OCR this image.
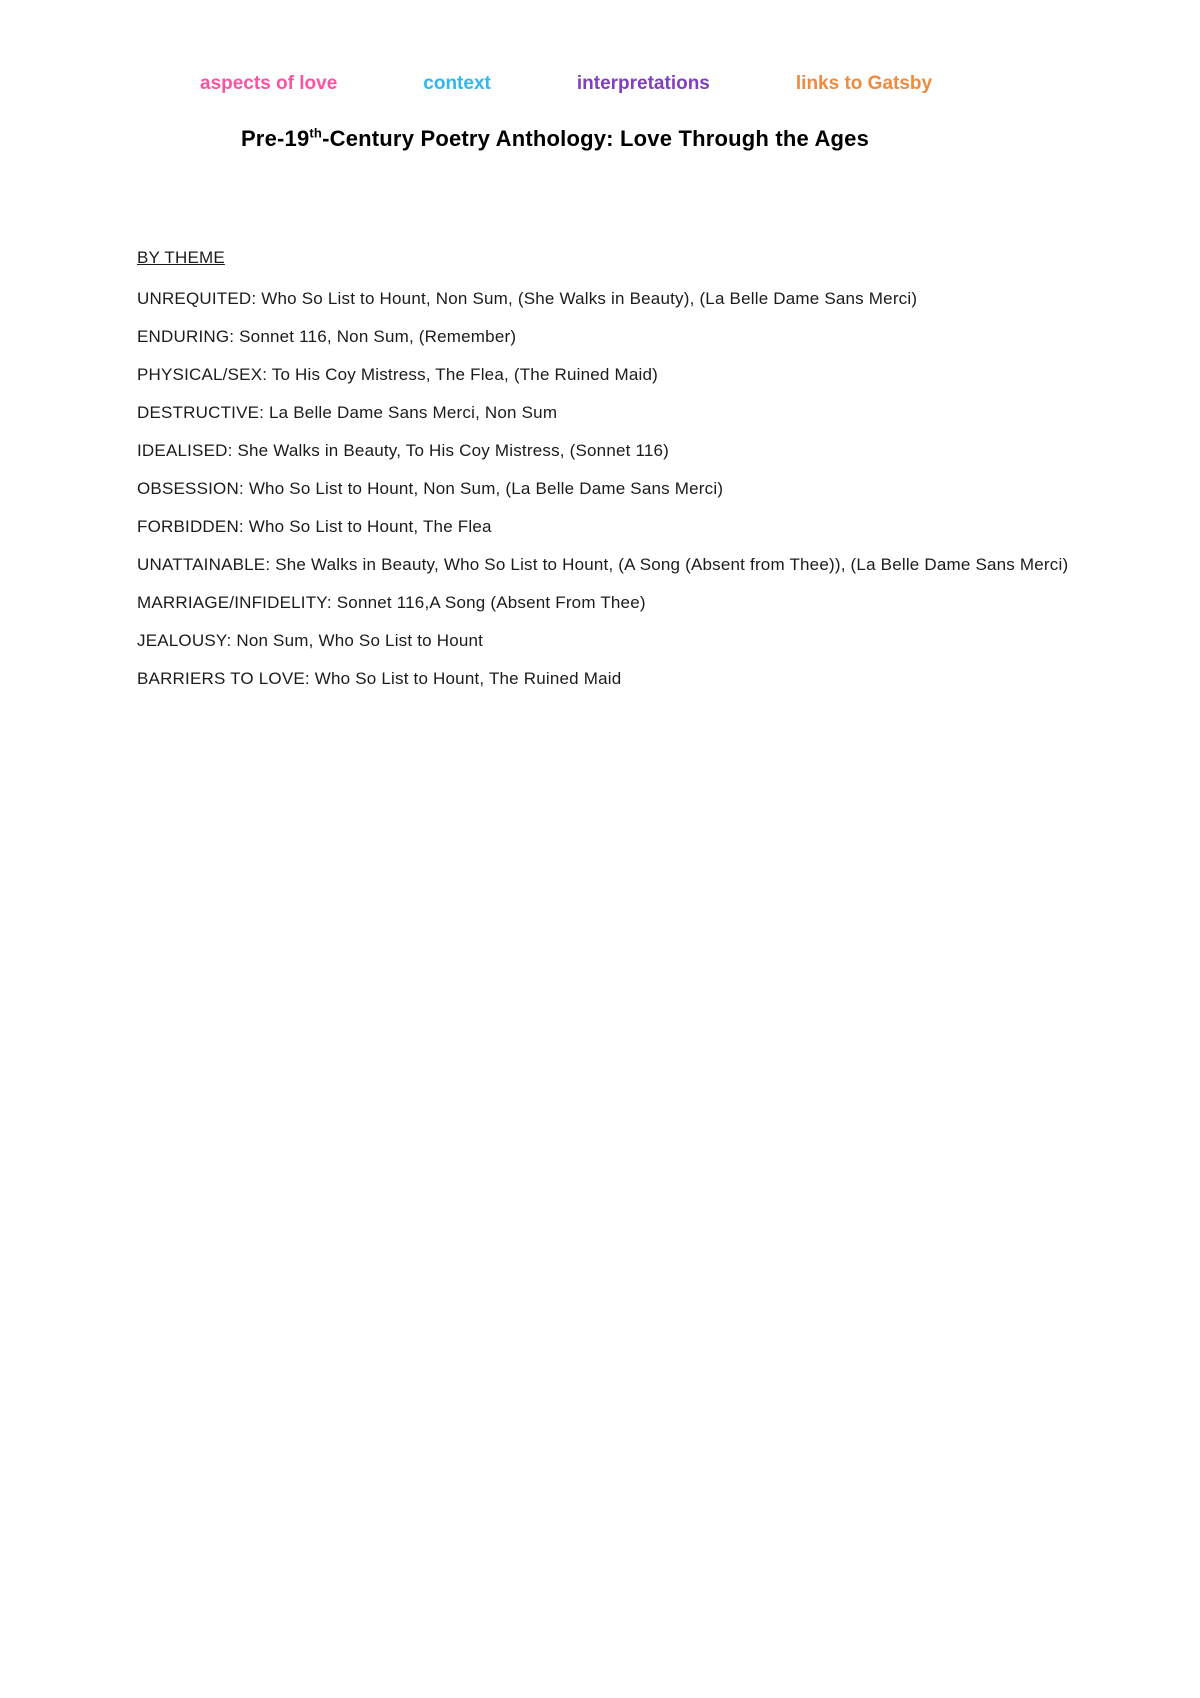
aspects of love	context	interpretations	links to Gatsby
Pre-19th-Century Poetry Anthology: Love Through the Ages
BY THEME

UNREQUITED: Who So List to Hount, Non Sum, (She Walks in Beauty), (La Belle Dame Sans Merci)

ENDURING: Sonnet 116, Non Sum, (Remember)

PHYSICAL/SEX: To His Coy Mistress, The Flea, (The Ruined Maid)

DESTRUCTIVE: La Belle Dame Sans Merci, Non Sum

IDEALISED: She Walks in Beauty, To His Coy Mistress, (Sonnet 116)

OBSESSION: Who So List to Hount, Non Sum, (La Belle Dame Sans Merci)

FORBIDDEN: Who So List to Hount, The Flea

UNATTAINABLE: She Walks in Beauty, Who So List to Hount, (A Song (Absent from Thee)), (La Belle Dame Sans Merci)

MARRIAGE/INFIDELITY: Sonnet 116,A Song (Absent From Thee)

JEALOUSY: Non Sum, Who So List to Hount

BARRIERS TO LOVE: Who So List to Hount, The Ruined Maid
